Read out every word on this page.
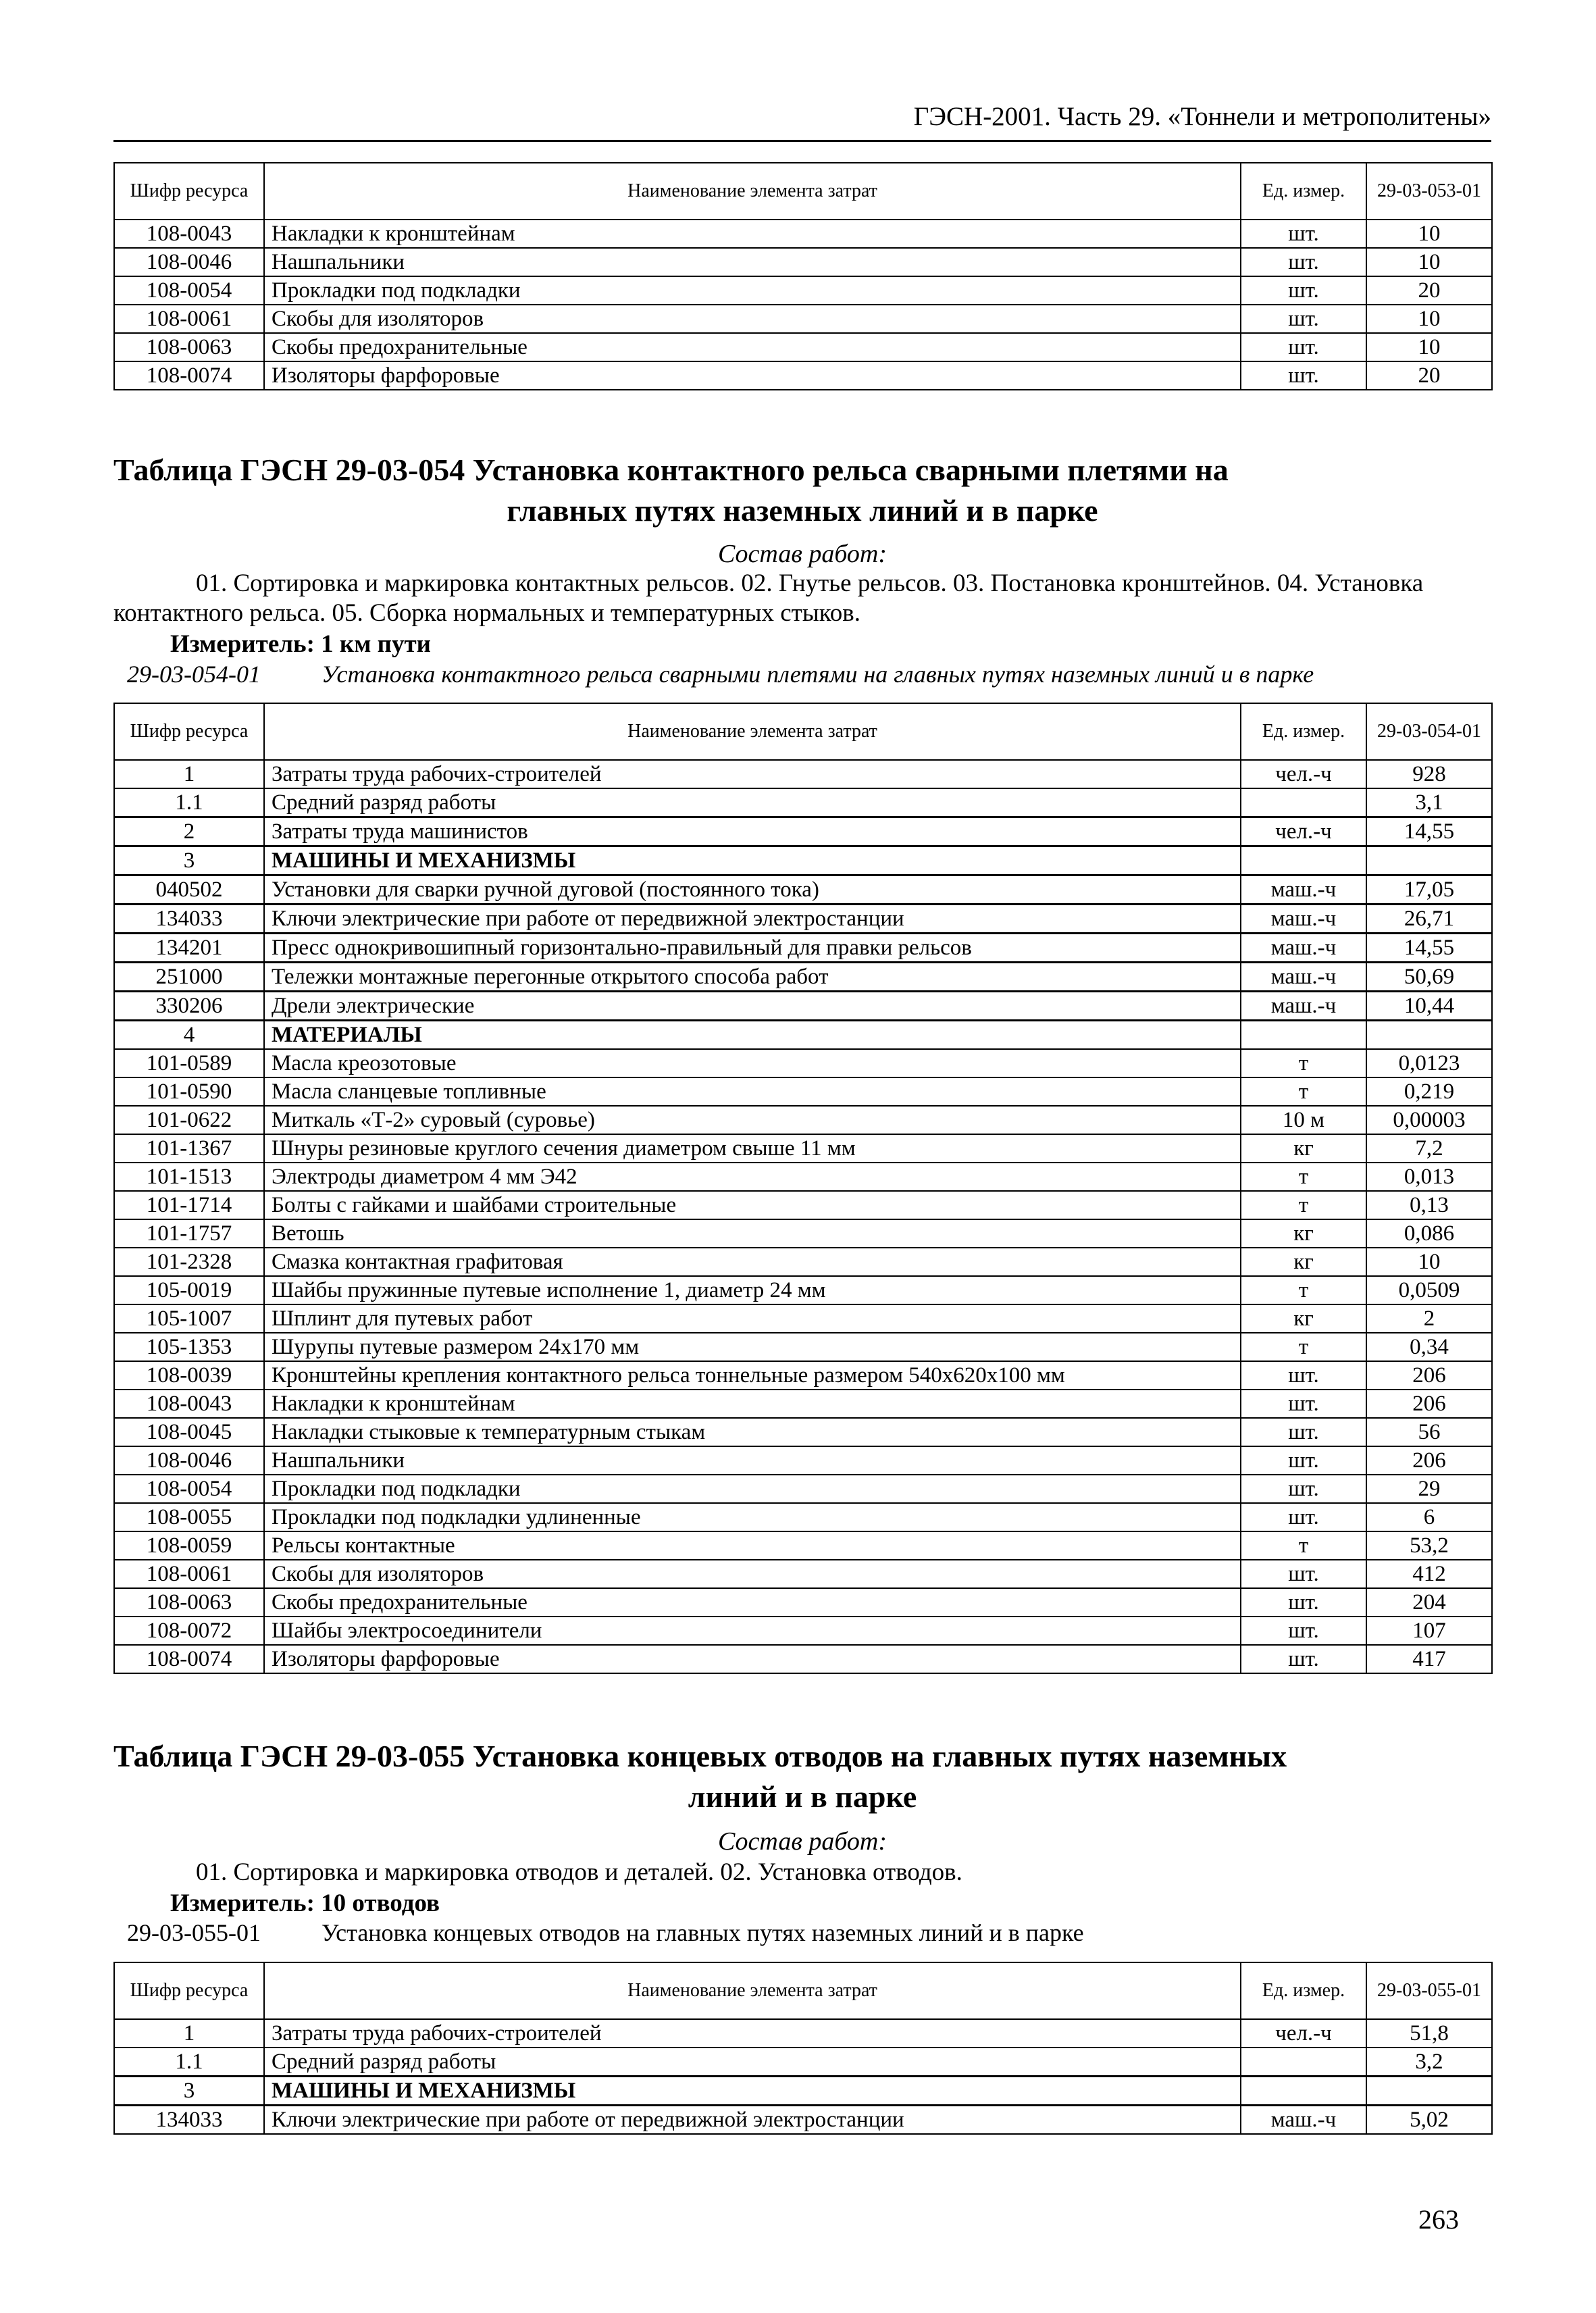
ГЭСН-2001. Часть 29. «Тоннели и метрополитены»
Шифр ресурса	Наименование элемента затрат	Ед. измер.	29-03-053-01
108-0043	Накладки к кронштейнам	шт.	10
108-0046	Нашпальники	шт.	10
108-0054	Прокладки под подкладки	шт.	20
108-0061	Скобы для изоляторов	шт.	10
108-0063	Скобы предохранительные	шт.	10
108-0074	Изоляторы фарфоровые	шт.	20
Таблица ГЭСН 29-03-054 Установка контактного рельса сварными плетями на
главных путях наземных линий и в парке
Состав работ:
01. Сортировка и маркировка контактных рельсов. 02. Гнутье рельсов. 03. Постановка кронштейнов. 04. Установка контактного рельса. 05. Сборка нормальных и температурных стыков.
Измеритель: 1 км пути
29-03-054-01	Установка контактного рельса сварными плетями на главных путях наземных линий и в парке
Шифр ресурса	Наименование элемента затрат	Ед. измер.	29-03-054-01
1	Затраты труда рабочих-строителей	чел.-ч	928
1.1	Средний разряд работы		3,1
2	Затраты труда машинистов	чел.-ч	14,55
3	МАШИНЫ И МЕХАНИЗМЫ		
040502	Установки для сварки ручной дуговой (постоянного тока)	маш.-ч	17,05
134033	Ключи электрические при работе от передвижной электростанции	маш.-ч	26,71
134201	Пресс однокривошипный горизонтально-правильный для правки рельсов	маш.-ч	14,55
251000	Тележки монтажные перегонные открытого способа работ	маш.-ч	50,69
330206	Дрели электрические	маш.-ч	10,44
4	МАТЕРИАЛЫ		
101-0589	Масла креозотовые	т	0,0123
101-0590	Масла сланцевые топливные	т	0,219
101-0622	Миткаль «Т-2» суровый (суровье)	10 м	0,00003
101-1367	Шнуры резиновые круглого сечения диаметром свыше 11 мм	кг	7,2
101-1513	Электроды диаметром 4 мм Э42	т	0,013
101-1714	Болты с гайками и шайбами строительные	т	0,13
101-1757	Ветошь	кг	0,086
101-2328	Смазка контактная графитовая	кг	10
105-0019	Шайбы пружинные путевые исполнение 1, диаметр 24 мм	т	0,0509
105-1007	Шплинт для путевых работ	кг	2
105-1353	Шурупы путевые размером 24x170 мм	т	0,34
108-0039	Кронштейны крепления контактного рельса тоннельные размером 540x620x100 мм	шт.	206
108-0043	Накладки к кронштейнам	шт.	206
108-0045	Накладки стыковые к температурным стыкам	шт.	56
108-0046	Нашпальники	шт.	206
108-0054	Прокладки под подкладки	шт.	29
108-0055	Прокладки под подкладки удлиненные	шт.	6
108-0059	Рельсы контактные	т	53,2
108-0061	Скобы для изоляторов	шт.	412
108-0063	Скобы предохранительные	шт.	204
108-0072	Шайбы электросоединители	шт.	107
108-0074	Изоляторы фарфоровые	шт.	417
Таблица ГЭСН 29-03-055 Установка концевых отводов на главных путях наземных
линий и в парке
Состав работ:
01. Сортировка и маркировка отводов и деталей. 02. Установка отводов.
Измеритель: 10 отводов
29-03-055-01	Установка концевых отводов на главных путях наземных линий и в парке
Шифр ресурса	Наименование элемента затрат	Ед. измер.	29-03-055-01
1	Затраты труда рабочих-строителей	чел.-ч	51,8
1.1	Средний разряд работы		3,2
3	МАШИНЫ И МЕХАНИЗМЫ		
134033	Ключи электрические при работе от передвижной электростанции	маш.-ч	5,02
263
